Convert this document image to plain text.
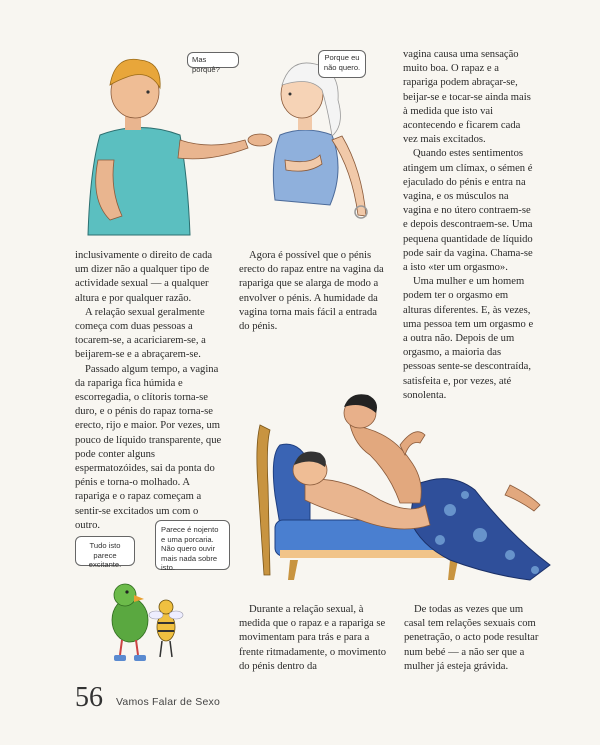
Mas porquê?
Porque eu não quero.

vagina causa uma sensação muito boa. O rapaz e a rapariga podem abraçar-se, beijar-se e tocar-se ainda mais à medida que isto vai acontecendo e ficarem cada vez mais excitados.

Quando estes sentimentos atingem um clímax, o sémen é ejaculado do pénis e entra na vagina, e os músculos na vagina e no útero contraem-se e depois descontraem-se. Uma pequena quantidade de líquido pode sair da vagina. Chama-se a isto «ter um orgasmo».

Uma mulher e um homem podem ter o orgasmo em alturas diferentes. E, às vezes, uma pessoa tem um orgasmo e a outra não. Depois de um orgasmo, a maioria das pessoas sente-se descontraída, satisfeita e, por vezes, até sonolenta.

inclusivamente o direito de cada um dizer não a qualquer tipo de actividade sexual — a qualquer altura e por qualquer razão.

A relação sexual geralmente começa com duas pessoas a tocarem-se, a acariciarem-se, a beijarem-se e a abraçarem-se.

Passado algum tempo, a vagina da rapariga fica húmida e escorregadia, o clítoris torna-se duro, e o pénis do rapaz torna-se erecto, rijo e maior. Por vezes, um pouco de líquido transparente, que pode conter alguns espermatozóides, sai da ponta do pénis e torna-o molhado. A rapariga e o rapaz começam a sentir-se excitados um com o outro.

Agora é possível que o pénis erecto do rapaz entre na vagina da rapariga que se alarga de modo a envolver o pénis. A humidade da vagina torna mais fácil a entrada do pénis.

Durante a relação sexual, à medida que o rapaz e a rapariga se movimentam para trás e para a frente ritmadamente, o movimento do pénis dentro da

De todas as vezes que um casal tem relações sexuais com penetração, o acto pode resultar num bebé — a não ser que a mulher já esteja grávida.

Tudo isto parece excitante.
Parece é nojento e uma porcaria. Não quero ouvir mais nada sobre isto.
56 Vamos Falar de Sexo
